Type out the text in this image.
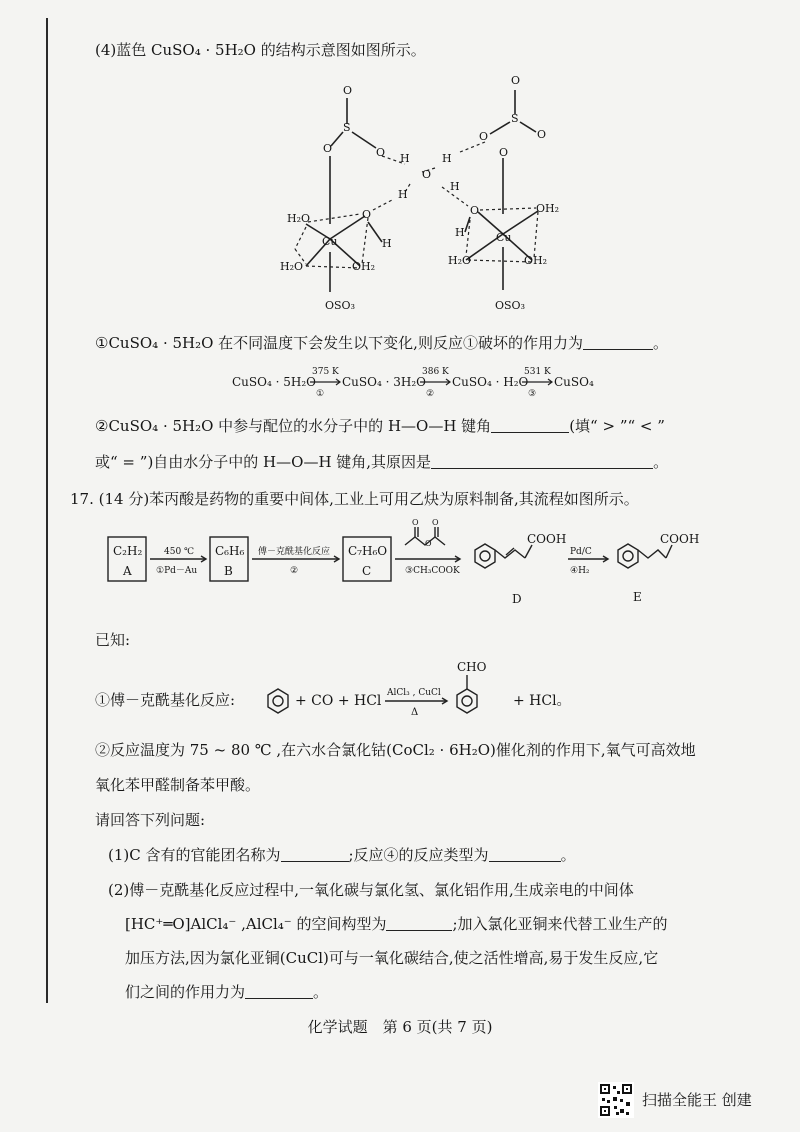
(4)蓝色 CuSO₄ · 5H₂O 的结构示意图如图所示。
O
S
O	O H
O
H
H
H
O
S
O
O
O
H₂O	O
Cu	H
H₂O	OH₂
OSO₃
O	OH₂
H	Cu
H₂O	OH₂
OSO₃
①CuSO₄ · 5H₂O 在不同温度下会发生以下变化,则反应①破坏的作用力为	。
CuSO₄ · 5H₂O
375 K
①
CuSO₄ · 3H₂O
386 K
②
CuSO₄ · H₂O
531 K
③
CuSO₄
②CuSO₄ · 5H₂O 中参与配位的水分子中的 H—O—H 键角	(填“ > ”“ < ”
或“ = ”)自由水分子中的 H—O—H 键角,其原因是	。
17. (14 分)苯丙酸是药物的重要中间体,工业上可用乙炔为原料制备,其流程如图所示。
C₂H₂
A
C₆H₆
B
C₇H₆O
C
450 ℃
①Pd－Au
傅－克酰基化反应
②	③CH₃COOK
O O
O
Pd/C
④H₂
COOH	COOH
D	E
已知:
①傅－克酰基化反应:	+ CO + HCl AlCl₃ , CuCl
Δ
CHO
+ HCl。
②反应温度为 75 ~ 80 ℃ ,在六水合氯化钴(CoCl₂ · 6H₂O)催化剂的作用下,氧气可高效地
氧化苯甲醛制备苯甲酸。
请回答下列问题:
(1)C 含有的官能团名称为	;反应④的反应类型为	。
(2)傅－克酰基化反应过程中,一氧化碳与氯化氢、氯化铝作用,生成亲电的中间体
[HC⁺═O]AlCl₄⁻ ,AlCl₄⁻ 的空间构型为	;加入氯化亚铜来代替工业生产的
加压方法,因为氯化亚铜(CuCl)可与一氧化碳结合,使之活性增高,易于发生反应,它
们之间的作用力为	。
化学试题　第 6 页(共 7 页)
扫描全能王 创建
